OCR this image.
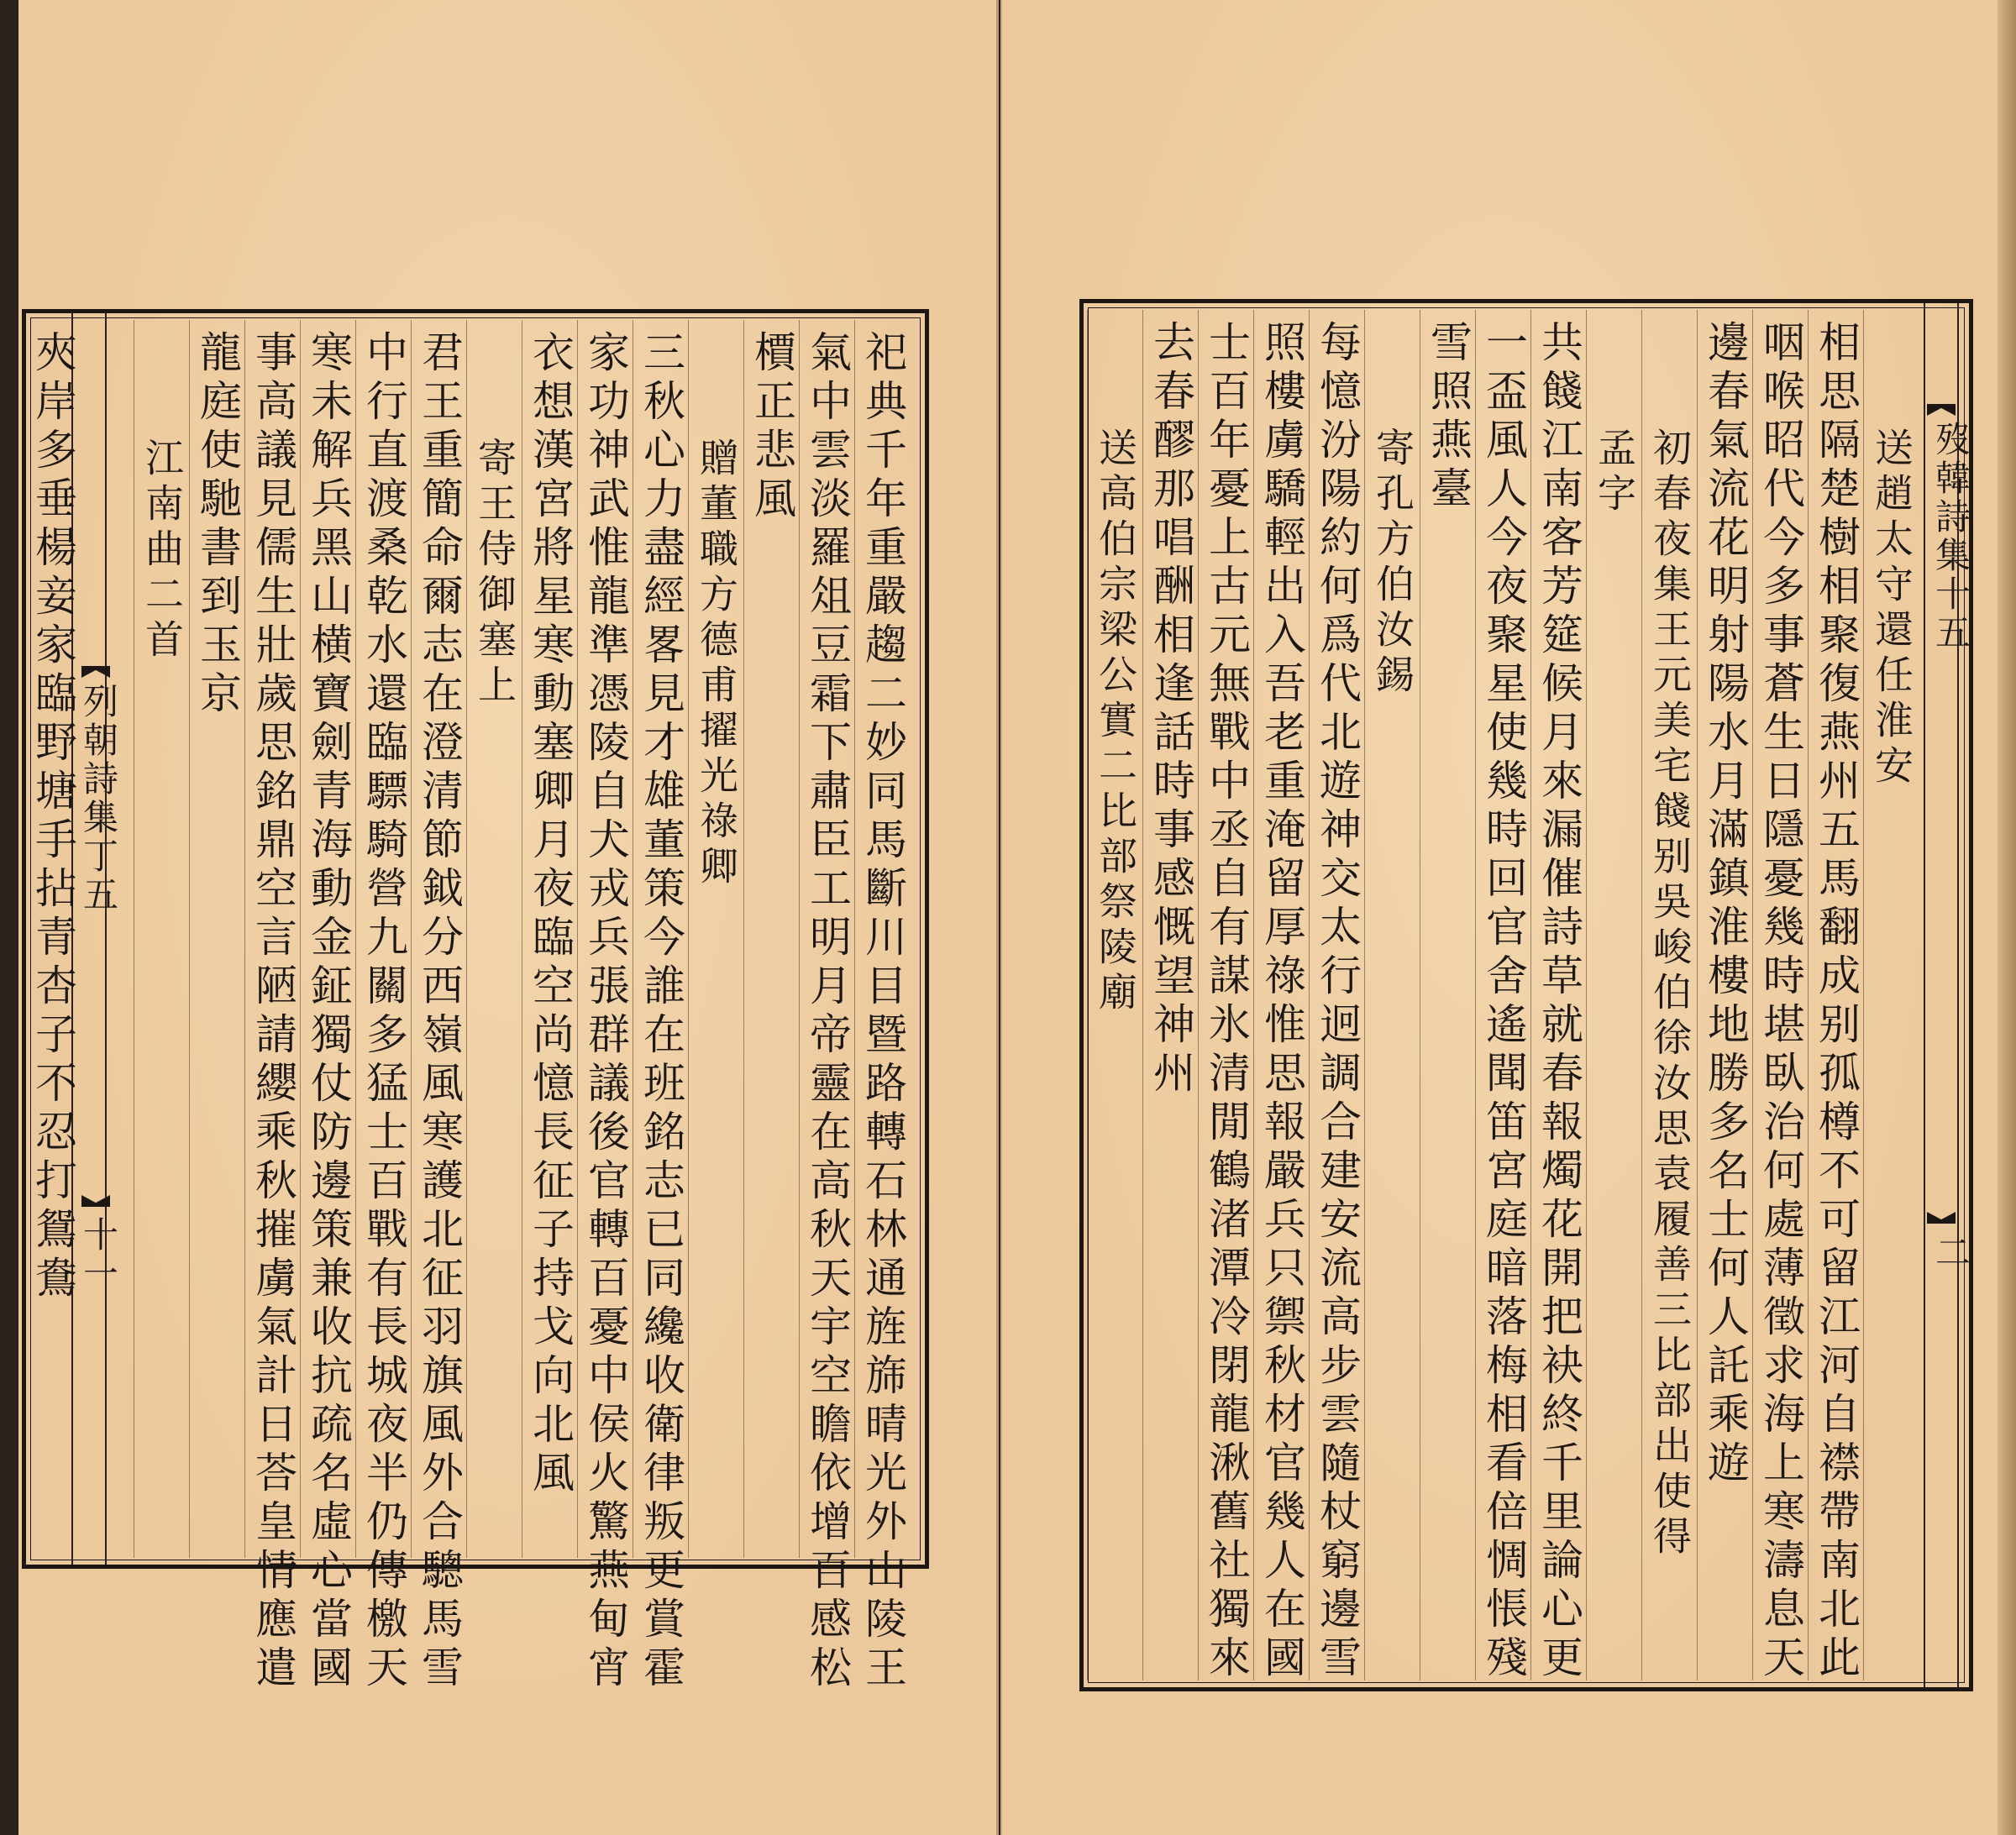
列朝詩集丁五

十一	祀典千年重嚴趨二妙同馬斷川目暨路轉石林通旌旆晴光外山陵王

氣中雲淡羅俎豆霜下肅臣工明月帝靈在高秋天宇空瞻依增百感松

檟正悲風

贈董職方德甫擢光祿卿

三秋心力盡經畧見才雄董策今誰在班銘志已同纔收衛律叛更賞霍

家功神武惟龍準憑陵自犬戎兵張群議後官轉百憂中侯火驚燕甸宵

衣想漢宮將星寒動塞卿月夜臨空尚憶長征子持戈向北風

寄王侍御塞上

君王重簡命爾志在澄清節鉞分西嶺風寒護北征羽旗風外合驄馬雪

中行直渡桑乾水還臨驃騎營九關多猛士百戰有長城夜半仍傳檄天

寒未解兵黑山横寶劍青海動金鉦獨仗防邊策兼收抗疏名虛心當國

事高議見儒生壯歲思銘鼎空言陋請纓乘秋摧虜氣計日荅皇情應遣

龍庭使馳書到玉京

江南曲二首

夾岸多垂楊妾家臨野塘手拈青杏子不忍打鴛鴦	歿韓詩集十五

二

送趙太守還任淮安

相思隔楚樹相聚復燕州五馬翻成别孤樽不可留江河自襟帶南北此

咽喉昭代今多事蒼生日隱憂幾時堪臥治何處薄徵求海上寒濤息天

邊春氣流花明射陽水月滿鎮淮樓地勝多名士何人託乘遊

初春夜集王元美宅餞别吳峻伯徐汝思袁履善三比部出使得

孟字

共餞江南客芳筵候月來漏催詩草就春報燭花開把袂終千里論心更

一盃風人今夜聚星使幾時回官舍遙聞笛宮庭暗落梅相看倍惆悵殘

雪照燕臺

寄孔方伯汝錫

每憶汾陽約何爲代北遊神交太行迥調合建安流高步雲隨杖窮邊雪

照樓虜驕輕出入吾老重淹留厚祿惟思報嚴兵只禦秋材官幾人在國

士百年憂上古元無戰中丞自有謀氷清閒鶴渚潭冷閉龍湫舊社獨來

去春醪那唱酬相逢話時事感慨望神州

送高伯宗梁公實二比部祭陵廟
